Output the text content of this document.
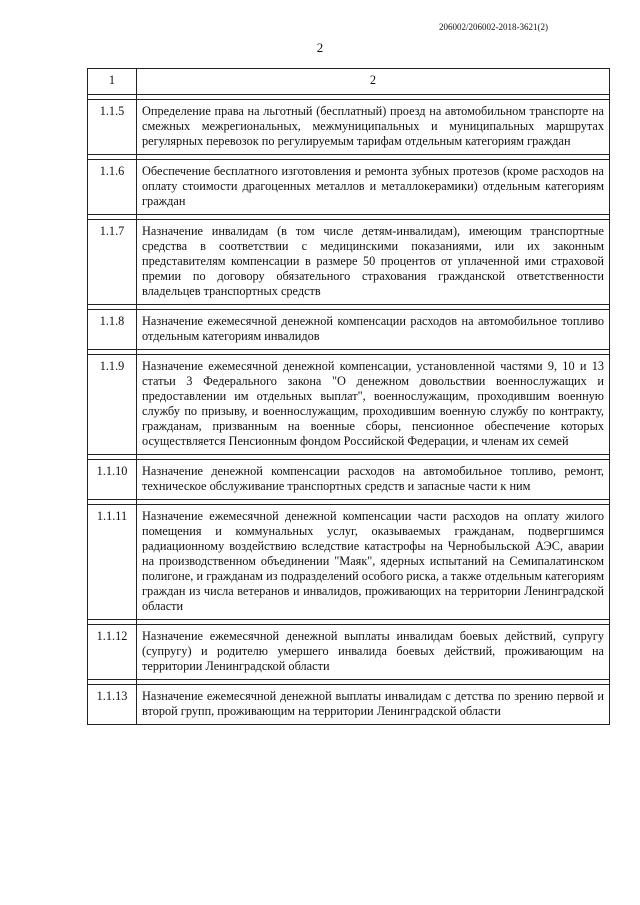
206002/206002-2018-3621(2)
2
1	2

1.1.5	Определение права на льготный (бесплатный) проезд на автомобильном транспорте на смежных межрегиональных, межмуниципальных и муниципальных маршрутах регулярных перевозок по регулируемым тарифам отдельным категориям граждан

1.1.6	Обеспечение бесплатного изготовления и ремонта зубных протезов (кроме расходов на оплату стоимости драгоценных металлов и металлокерамики) отдельным категориям граждан

1.1.7	Назначение инвалидам (в том числе детям-инвалидам), имеющим транспортные средства в соответствии с медицинскими показаниями, или их законным представителям компенсации в размере 50 процентов от уплаченной ими страховой премии по договору обязательного страхования гражданской ответственности владельцев транспортных средств

1.1.8	Назначение ежемесячной денежной компенсации расходов на автомобильное топливо отдельным категориям инвалидов

1.1.9	Назначение ежемесячной денежной компенсации, установленной частями 9, 10 и 13 статьи 3 Федерального закона "О денежном довольствии военнослужащих и предоставлении им отдельных выплат", военнослужащим, проходившим военную службу по призыву, и военнослужащим, проходившим военную службу по контракту, гражданам, призванным на военные сборы, пенсионное обеспечение которых осуществляется Пенсионным фондом Российской Федерации, и членам их семей

1.1.10	Назначение денежной компенсации расходов на автомобильное топливо, ремонт, техническое обслуживание транспортных средств и запасные части к ним

1.1.11	Назначение ежемесячной денежной компенсации части расходов на оплату жилого помещения и коммунальных услуг, оказываемых гражданам, подвергшимся радиационному воздействию вследствие катастрофы на Чернобыльской АЭС, аварии на производственном объединении "Маяк", ядерных испытаний на Семипалатинском полигоне, и гражданам из подразделений особого риска, а также отдельным категориям граждан из числа ветеранов и инвалидов, проживающих на территории Ленинградской области

1.1.12	Назначение ежемесячной денежной выплаты инвалидам боевых действий, супругу (супругу) и родителю умершего инвалида боевых действий, проживающим на территории Ленинградской области

1.1.13	Назначение ежемесячной денежной выплаты инвалидам с детства по зрению первой и второй групп, проживающим на территории Ленинградской области
